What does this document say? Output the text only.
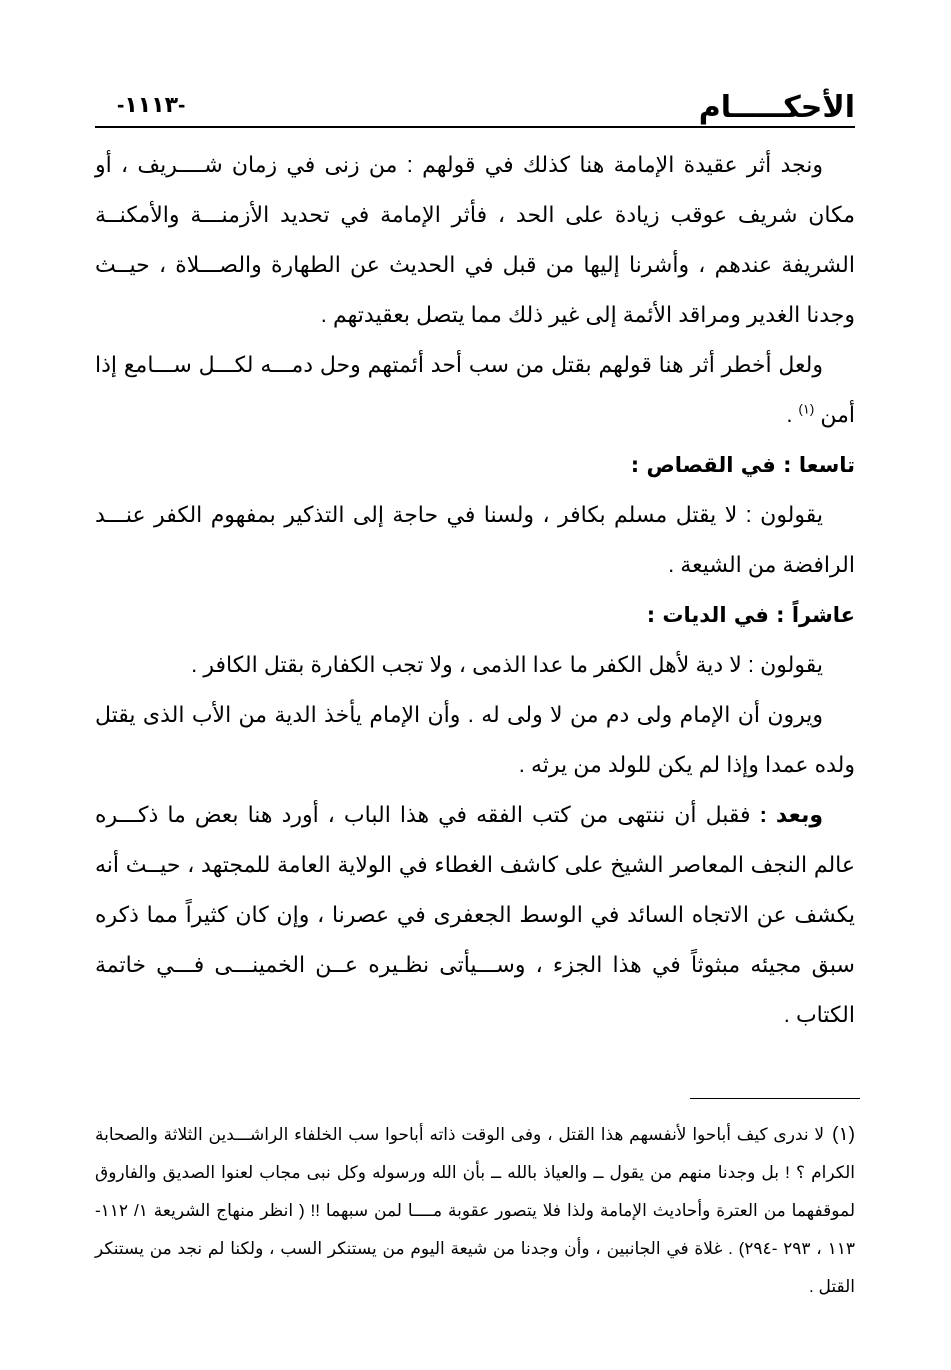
الأحكـــــام
-١١١٣-

ونجد أثر عقيدة الإمامة هنا كذلك في قولهم : من زنى في زمان شــــريف ، أو مكان شريف عوقب زيادة على الحد ، فأثر الإمامة في تحديد الأزمنـــة والأمكنــة الشريفة عندهم ، وأشرنا إليها من قبل في الحديث عن الطهارة والصـــلاة ، حيــث وجدنا الغدير ومراقد الأئمة إلى غير ذلك مما يتصل بعقيدتهم .

ولعل أخطر أثر هنا قولهم بقتل من سب أحد أئمتهم وحل دمـــه لكـــل ســـامع إذا أمن $^{(١)}$ .

تاسعا : في القصاص :

يقولون : لا يقتل مسلم بكافر ، ولسنا في حاجة إلى التذكير بمفهوم الكفر عنـــد الرافضة من الشيعة .

عاشراً : في الديات :

يقولون : لا دية لأهل الكفر ما عدا الذمى ، ولا تجب الكفارة بقتل الكافر .

ويرون أن الإمام ولى دم من لا ولى له . وأن الإمام يأخذ الدية من الأب الذى يقتل ولده عمدا وإذا لم يكن للولد من يرثه .

وبعد : فقبل أن ننتهى من كتب الفقه في هذا الباب ، أورد هنا بعض ما ذكـــره عالم النجف المعاصر الشيخ على كاشف الغطاء في الولاية العامة للمجتهد ، حيــث أنه يكشف عن الاتجاه السائد في الوسط الجعفرى في عصرنا ، وإن كان كثيراً مما ذكره سبق مجيئه مبثوثاً في هذا الجزء ، وســـيأتى نظـيره عــن الخمينـــى فـــي خاتمة الكتاب .

(١)لا ندرى كيف أباحوا لأنفسهم هذا القتل ، وفى الوقت ذاته أباحوا سب الخلفاء الراشـــدين الثلاثة والصحابة الكرام ؟ ! بل وجدنا منهم من يقول ــ والعياذ بالله ــ بأن الله ورسوله وكل نبى مجاب لعنوا الصديق والفاروق لموقفهما من العترة وأحاديث الإمامة ولذا فلا يتصور عقوبة مــــا لمن سبهما !! ( انظر منهاج الشريعة ١/ ١١٢- ١١٣ ، ٢٩٣ -٢٩٤) . غلاة في الجانبين ، وأن وجدنا من شيعة اليوم من يستنكر السب ، ولكنا لم نجد من يستنكر القتل .
